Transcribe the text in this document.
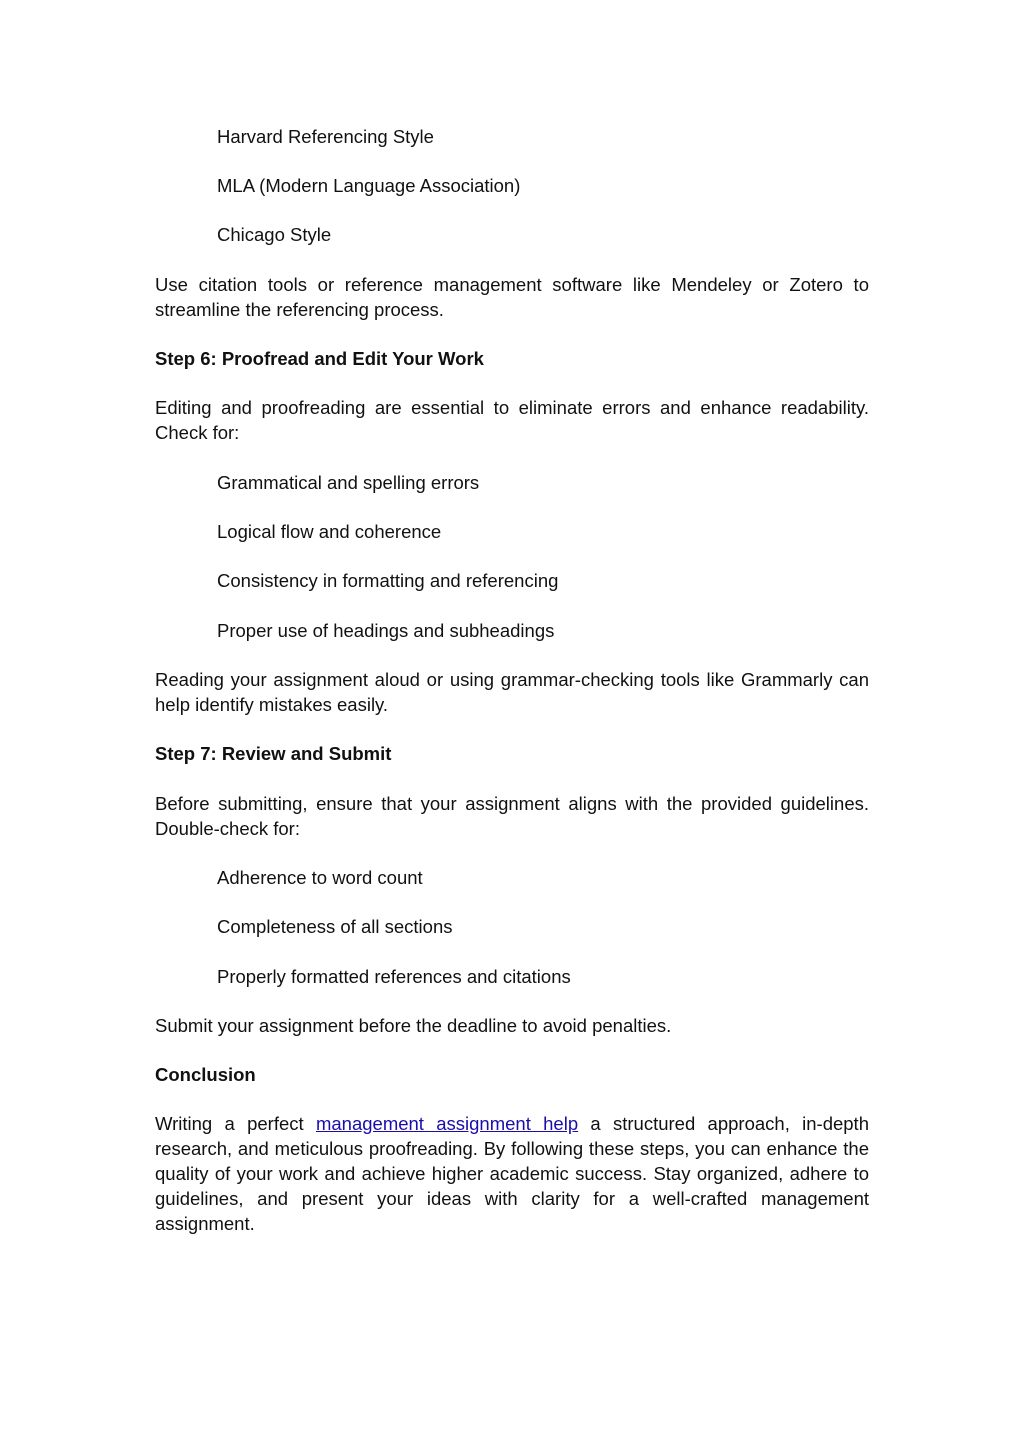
Harvard Referencing Style

MLA (Modern Language Association)

Chicago Style

Use citation tools or reference management software like Mendeley or Zotero to streamline the referencing process.

Step 6: Proofread and Edit Your Work

Editing and proofreading are essential to eliminate errors and enhance readability. Check for:

Grammatical and spelling errors

Logical flow and coherence

Consistency in formatting and referencing

Proper use of headings and subheadings

Reading your assignment aloud or using grammar-checking tools like Grammarly can help identify mistakes easily.

Step 7: Review and Submit

Before submitting, ensure that your assignment aligns with the provided guidelines. Double-check for:

Adherence to word count

Completeness of all sections

Properly formatted references and citations

Submit your assignment before the deadline to avoid penalties.

Conclusion

Writing a perfect management assignment help a structured approach, in-depth research, and meticulous proofreading. By following these steps, you can enhance the quality of your work and achieve higher academic success. Stay organized, adhere to guidelines, and present your ideas with clarity for a well-crafted management assignment.
